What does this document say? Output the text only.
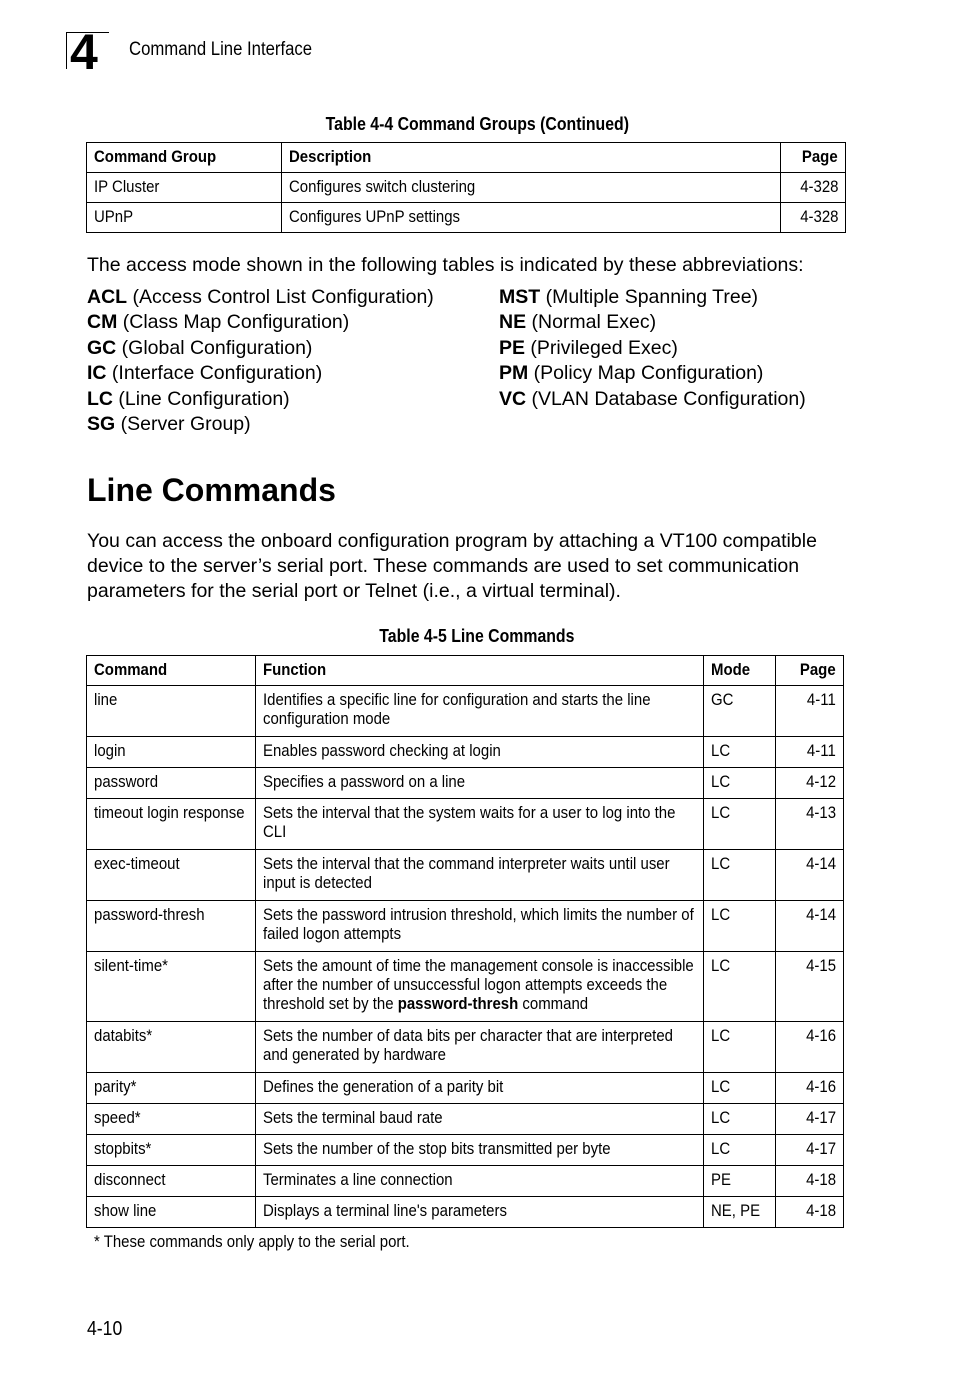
4 Command Line Interface
Table 4-4 Command Groups (Continued)
Command Group	Description	Page
IP Cluster	Configures switch clustering	4-328
UPnP	Configures UPnP settings	4-328
The access mode shown in the following tables is indicated by these abbreviations:
ACL (Access Control List Configuration)
CM (Class Map Configuration)
GC (Global Configuration)
IC (Interface Configuration)
LC (Line Configuration)
SG (Server Group)
MST (Multiple Spanning Tree)
NE (Normal Exec)
PE (Privileged Exec)
PM (Policy Map Configuration)
VC (VLAN Database Configuration)
Line Commands
You can access the onboard configuration program by attaching a VT100 compatible device to the server’s serial port. These commands are used to set communication parameters for the serial port or Telnet (i.e., a virtual terminal).
Table 4-5 Line Commands
Command	Function	Mode	Page

line	Identifies a specific line for configuration and starts the line configuration mode	GC	4-11

login	Enables password checking at login	LC	4-11

password	Specifies a password on a line	LC	4-12

timeout login response	Sets the interval that the system waits for a user to log into the CLI	LC	4-13

exec-timeout	Sets the interval that the command interpreter waits until user input is detected	LC	4-14

password-thresh	Sets the password intrusion threshold, which limits the number of failed logon attempts	LC	4-14

silent-time*	Sets the amount of time the management console is inaccessible after the number of unsuccessful logon attempts exceeds the threshold set by the password-thresh command	LC	4-15

databits*	Sets the number of data bits per character that are interpreted and generated by hardware	LC	4-16

parity*	Defines the generation of a parity bit	LC	4-16

speed*	Sets the terminal baud rate	LC	4-17

stopbits*	Sets the number of the stop bits transmitted per byte	LC	4-17

disconnect	Terminates a line connection	PE	4-18

show line	Displays a terminal line's parameters	NE, PE	4-18
* These commands only apply to the serial port.
4-10
